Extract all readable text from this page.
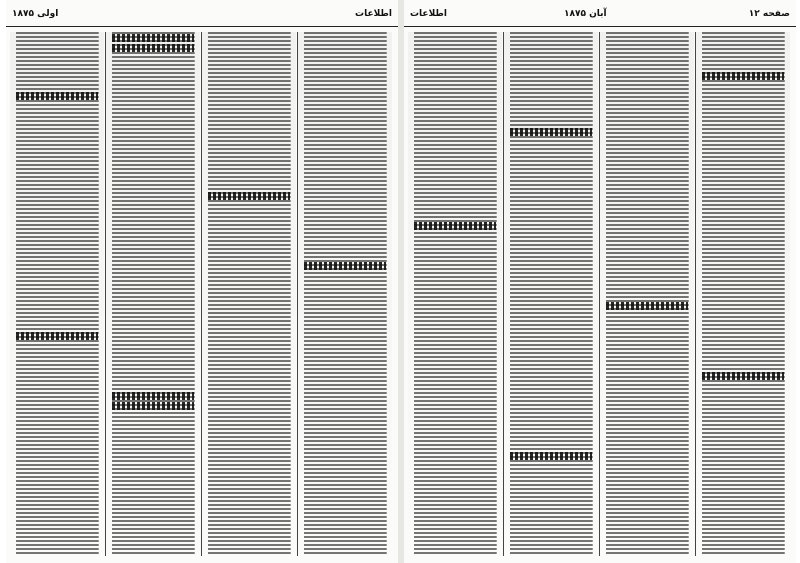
اولی ۱۸۷۵	اطلاعات اطلاعات	آبان ۱۸۷۵	صفحه ۱۲
